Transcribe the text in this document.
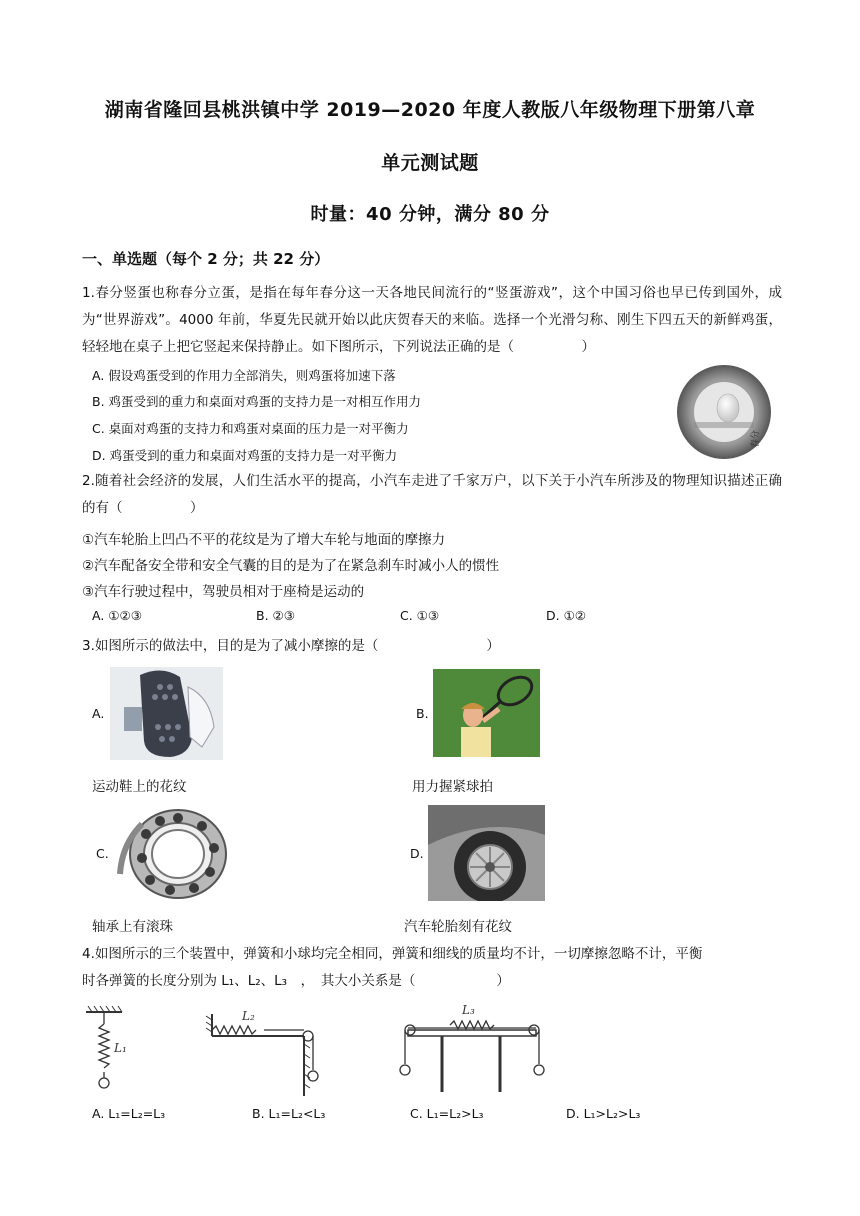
湖南省隆回县桃洪镇中学 2019—2020 年度人教版八年级物理下册第八章
单元测试题
时量：40 分钟，满分 80 分
一、单选题（每个 2 分；共 22 分）
1.春分竖蛋也称春分立蛋，是指在每年春分这一天各地民间流行的“竖蛋游戏”，这个中国习俗也早已传到国外，成为“世界游戏”。4000 年前，华夏先民就开始以此庆贺春天的来临。选择一个光滑匀称、刚生下四五天的新鲜鸡蛋，轻轻地在桌子上把它竖起来保持静止。如下图所示，下列说法正确的是（　　　　　）
A. 假设鸡蛋受到的作用力全部消失，则鸡蛋将加速下落
B. 鸡蛋受到的重力和桌面对鸡蛋的支持力是一对相互作用力
C. 桌面对鸡蛋的支持力和鸡蛋对桌面的压力是一对平衡力
D. 鸡蛋受到的重力和桌面对鸡蛋的支持力是一对平衡力
春分
2.随着社会经济的发展，人们生活水平的提高，小汽车走进了千家万户，以下关于小汽车所涉及的物理知识描述正确的有（　　　　　）
①汽车轮胎上凹凸不平的花纹是为了增大车轮与地面的摩擦力
②汽车配备安全带和安全气囊的目的是为了在紧急刹车时减小人的惯性
③汽车行驶过程中，驾驶员相对于座椅是运动的
A. ①②③	B. ②③	C. ①③	D. ①②
3.如图所示的做法中，目的是为了减小摩擦的是（　　　　　　　　）
A.
运动鞋上的花纹
B.
用力握紧球拍
C.
轴承上有滚珠
D.
汽车轮胎刻有花纹
4.如图所示的三个装置中，弹簧和小球均完全相同，弹簧和细线的质量均不计，一切摩擦忽略不计，平衡
时各弹簧的长度分别为 L₁、L₂、L₃　，　其大小关系是（　　　　　　）
L₁
L₂	L₃
A. L₁=L₂=L₃	B. L₁=L₂<L₃	C. L₁=L₂>L₃	D. L₁>L₂>L₃
